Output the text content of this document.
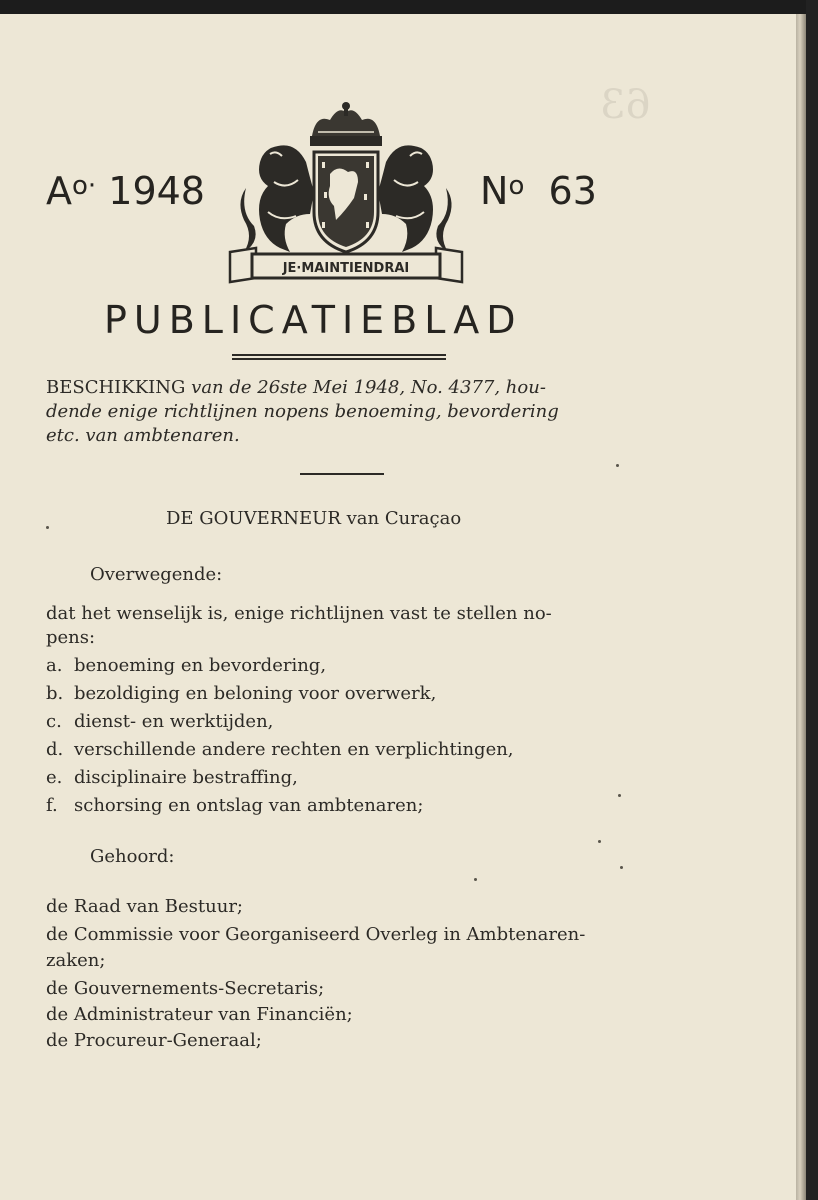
63
$A^{o\cdot}$ 1948	$N^o$ 63
JE·MAINTIENDRAI
PUBLICATIEBLAD
BESCHIKKING van de 26ste Mei 1948, No. 4377, hou-
dende enige richtlijnen nopens benoeming, bevordering
etc. van ambtenaren.
DE GOUVERNEUR van Curaçao
Overwegende:
dat het wenselijk is, enige richtlijnen vast te stellen no-
pens:
a. benoeming en bevordering,
b. bezoldiging en beloning voor overwerk,
c. dienst- en werktijden,
d. verschillende andere rechten en verplichtingen,
e. disciplinaire bestraffing,
f. schorsing en ontslag van ambtenaren;
Gehoord:
de Raad van Bestuur;
de Commissie voor Georganiseerd Overleg in Ambtenaren-
zaken;
de Gouvernements-Secretaris;
de Administrateur van Financiën;
de Procureur-Generaal;
